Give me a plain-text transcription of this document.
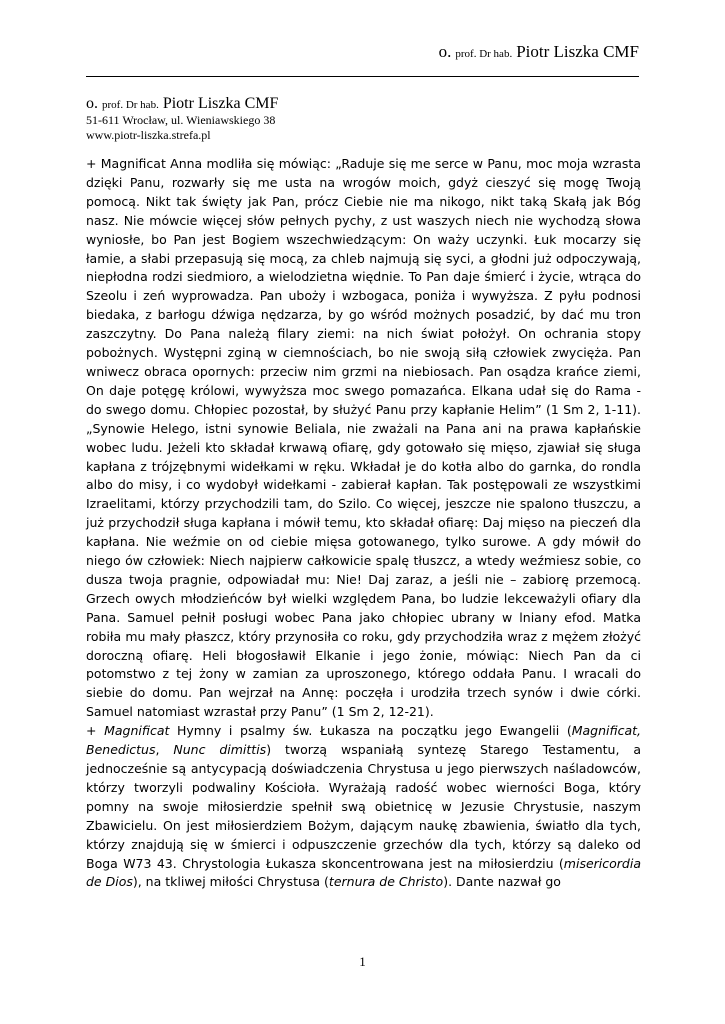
o. prof. Dr hab. Piotr Liszka CMF
o. prof. Dr hab. Piotr Liszka CMF
51-611 Wrocław, ul. Wieniawskiego 38
www.piotr-liszka.strefa.pl

+ Magnificat Anna modliła się mówiąc: „Raduje się me serce w Panu, moc moja wzrasta dzięki Panu, rozwarły się me usta na wrogów moich, gdyż cieszyć się mogę Twoją pomocą. Nikt tak święty jak Pan, prócz Ciebie nie ma nikogo, nikt taką Skałą jak Bóg nasz. Nie mówcie więcej słów pełnych pychy, z ust waszych niech nie wychodzą słowa wyniosłe, bo Pan jest Bogiem wszechwiedzącym: On waży uczynki. Łuk mocarzy się łamie, a słabi przepasują się mocą, za chleb najmują się syci, a głodni już odpoczywają, niepłodna rodzi siedmioro, a wielodzietna więdnie. To Pan daje śmierć i życie, wtrąca do Szeolu i zeń wyprowadza. Pan uboży i wzbogaca, poniża i wywyższa. Z pyłu podnosi biedaka, z barłogu dźwiga nędzarza, by go wśród możnych posadzić, by dać mu tron zaszczytny. Do Pana należą filary ziemi: na nich świat położył. On ochrania stopy pobożnych. Występni zginą w ciemnościach, bo nie swoją siłą człowiek zwycięża. Pan wniwecz obraca opornych: przeciw nim grzmi na niebiosach. Pan osądza krańce ziemi, On daje potęgę królowi, wywyższa moc swego pomazańca. Elkana udał się do Rama - do swego domu. Chłopiec pozostał, by służyć Panu przy kapłanie Helim” (1 Sm 2, 1-11). „Synowie Helego, istni synowie Beliala, nie zważali na Pana ani na prawa kapłańskie wobec ludu. Jeżeli kto składał krwawą ofiarę, gdy gotowało się mięso, zjawiał się sługa kapłana z trójzębnymi widełkami w ręku. Wkładał je do kotła albo do garnka, do rondla albo do misy, i co wydobył widełkami - zabierał kapłan. Tak postępowali ze wszystkimi Izraelitami, którzy przychodzili tam, do Szilo. Co więcej, jeszcze nie spalono tłuszczu, a już przychodził sługa kapłana i mówił temu, kto składał ofiarę: Daj mięso na pieczeń dla kapłana. Nie weźmie on od ciebie mięsa gotowanego, tylko surowe. A gdy mówił do niego ów człowiek: Niech najpierw całkowicie spalę tłuszcz, a wtedy weźmiesz sobie, co dusza twoja pragnie, odpowiadał mu: Nie! Daj zaraz, a jeśli nie – zabiorę przemocą. Grzech owych młodzieńców był wielki względem Pana, bo ludzie lekceważyli ofiary dla Pana. Samuel pełnił posługi wobec Pana jako chłopiec ubrany w lniany efod. Matka robiła mu mały płaszcz, który przynosiła co roku, gdy przychodziła wraz z mężem złożyć doroczną ofiarę. Heli błogosławił Elkanie i jego żonie, mówiąc: Niech Pan da ci potomstwo z tej żony w zamian za uproszonego, którego oddała Panu. I wracali do siebie do domu. Pan wejrzał na Annę: poczęła i urodziła trzech synów i dwie córki. Samuel natomiast wzrastał przy Panu” (1 Sm 2, 12-21).

+ Magnificat Hymny i psalmy św. Łukasza na początku jego Ewangelii (Magnificat, Benedictus, Nunc dimittis) tworzą wspaniałą syntezę Starego Testamentu, a jednocześnie są antycypacją doświadczenia Chrystusa u jego pierwszych naśladowców, którzy tworzyli podwaliny Kościoła. Wyrażają radość wobec wierności Boga, który pomny na swoje miłosierdzie spełnił swą obietnicę w Jezusie Chrystusie, naszym Zbawicielu. On jest miłosierdziem Bożym, dającym naukę zbawienia, światło dla tych, którzy znajdują się w śmierci i odpuszczenie grzechów dla tych, którzy są daleko od Boga W73 43. Chrystologia Łukasza skoncentrowana jest na miłosierdziu (misericordia de Dios), na tkliwej miłości Chrystusa (ternura de Christo). Dante nazwał go

1
